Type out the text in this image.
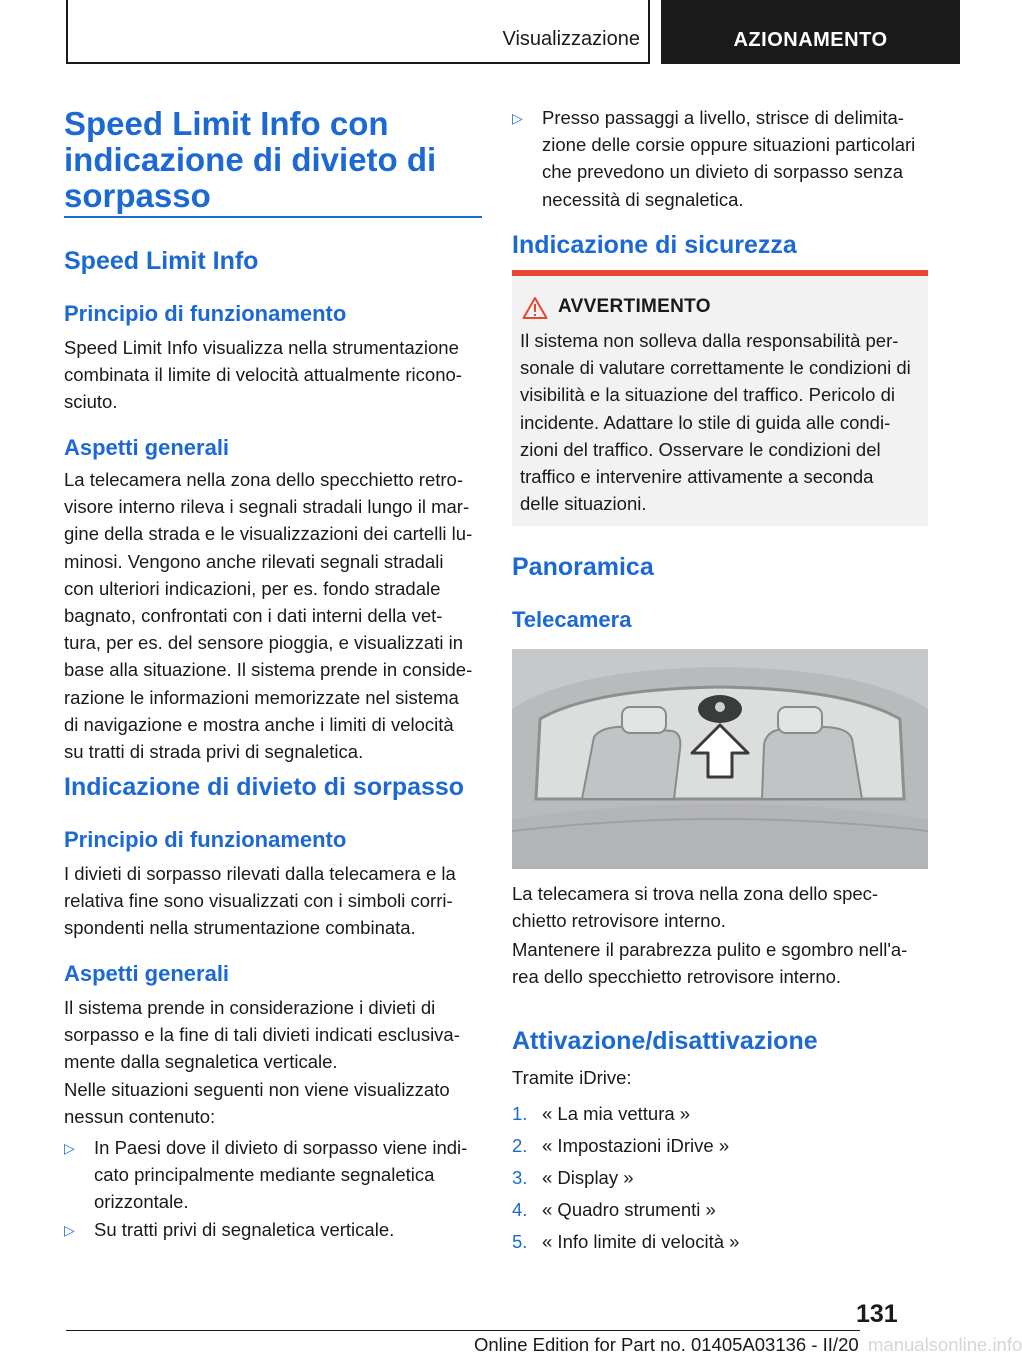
Visualizzazione	AZIONAMENTO
Speed Limit Info con
indicazione di divieto di
sorpasso
Speed Limit Info
Principio di funzionamento

Speed Limit Info visualizza nella strumentazione

combinata il limite di velocità attualmente ricono-

sciuto.

Aspetti generali

La telecamera nella zona dello specchietto retro-

visore interno rileva i segnali stradali lungo il mar-

gine della strada e le visualizzazioni dei cartelli lu-

minosi. Vengono anche rilevati segnali stradali

con ulteriori indicazioni, per es. fondo stradale

bagnato, confrontati con i dati interni della vet-

tura, per es. del sensore pioggia, e visualizzati in

base alla situazione. Il sistema prende in conside-

razione le informazioni memorizzate nel sistema

di navigazione e mostra anche i limiti di velocità

su tratti di strada privi di segnaletica.

Indicazione di divieto di sorpasso
Principio di funzionamento

I divieti di sorpasso rilevati dalla telecamera e la

relativa fine sono visualizzati con i simboli corri-

spondenti nella strumentazione combinata.

Aspetti generali

Il sistema prende in considerazione i divieti di

sorpasso e la fine di tali divieti indicati esclusiva-

mente dalla segnaletica verticale.

Nelle situazioni seguenti non viene visualizzato

nessun contenuto:

▷ In Paesi dove il divieto di sorpasso viene indi-
cato principalmente mediante segnaletica
orizzontale.
▷ Su tratti privi di segnaletica verticale.
▷ Presso passaggi a livello, strisce di delimita-
zione delle corsie oppure situazioni particolari
che prevedono un divieto di sorpasso senza
necessità di segnaletica.
Indicazione di sicurezza
AVVERTIMENTO

Il sistema non solleva dalla responsabilità per-

sonale di valutare correttamente le condizioni di

visibilità e la situazione del traffico. Pericolo di

incidente. Adattare lo stile di guida alle condi-

zioni del traffico. Osservare le condizioni del

traffico e intervenire attivamente a seconda

delle situazioni.

Panoramica
Telecamera

La telecamera si trova nella zona dello spec-

chietto retrovisore interno.

Mantenere il parabrezza pulito e sgombro nell'a-

rea dello specchietto retrovisore interno.

Attivazione/disattivazione

Tramite iDrive:

1. « La mia vettura »
2. « Impostazioni iDrive »
3. « Display »
4. « Quadro strumenti »
5. « Info limite di velocità »
131
Online Edition for Part no. 01405A03136 - II/20 manualsonline.info
